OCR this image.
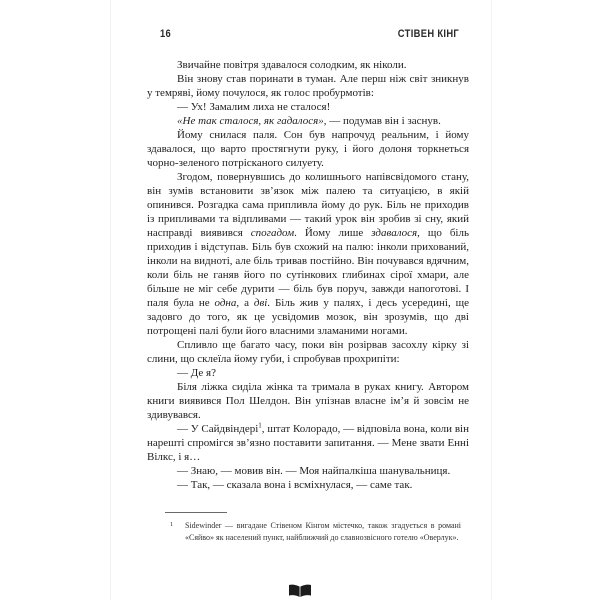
16	СТІВЕН КІНГ

Звичайне повітря здавалося солодким, як ніколи.

Він знову став поринати в туман. Але перш ніж світ зникнув у темряві, йому почулося, як голос пробурмотів:

— Ух! Замалим лиха не сталося!

«Не так сталося, як гадалося», — подумав він і заснув.

Йому снилася паля. Сон був напрочуд реальним, і йому здавалося, що варто простягнути руку, і його долоня торкнеться чорно-зеленого потрісканого силуету.

Згодом, повернувшись до колишнього напівсвідомого стану, він зумів встановити зв’язок між палею та ситуацією, в якій опинився. Розгадка сама припливла йому до рук. Біль не приходив із припливами та відпливами — такий урок він зробив зі сну, який насправді виявився спогадом. Йому лише здавалося, що біль приходив і відступав. Біль був схожий на палю: інколи прихований, інколи на видноті, але біль тривав постійно. Він почувався вдячним, коли біль не ганяв його по сутінкових глибинах сірої хмари, але більше не міг себе дурити — біль був поруч, завжди напоготові. І паля була не одна, а дві. Біль жив у палях, і десь усередині, ще задовго до того, як це усвідомив мозок, він зрозумів, що дві потрощені палі були його власними зламаними ногами.

Спливло ще багато часу, поки він розірвав засохлу кірку зі слини, що склеїла йому губи, і спробував прохрипіти:

— Де я?

Біля ліжка сиділа жінка та тримала в руках книгу. Автором книги виявився Пол Шелдон. Він упізнав власне ім’я й зовсім не здивувався.

— У Сайдвіндері$^1$, штат Колорадо, — відповіла вона, коли він нарешті спромігся зв’язно поставити запитання. — Мене звати Енні Вілкс, і я…

— Знаю, — мовив він. — Моя найпалкіша шанувальниця.

— Так, — сказала вона і всміхнулася, — саме так.

1 Sidewinder — вигадане Стівеном Кінгом містечко, також згадується в романі «Сяйво» як населений пункт, найближчий до славнозвісного готелю «Оверлук».
